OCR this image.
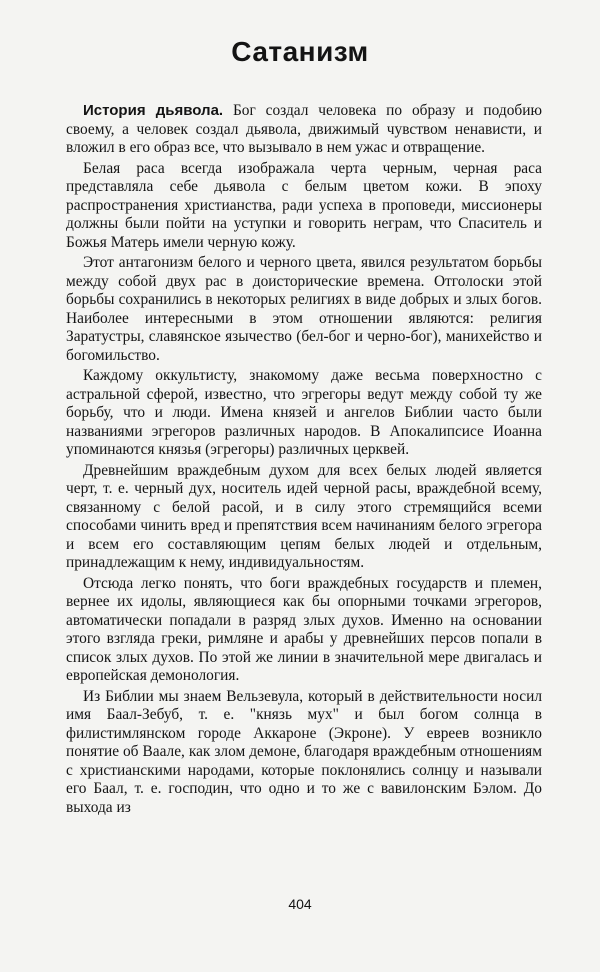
Сатанизм

История дьявола. Бог создал человека по образу и подобию своему, а человек создал дьявола, движимый чувством ненависти, и вложил в его образ все, что вызывало в нем ужас и отвращение.

Белая раса всегда изображала черта черным, черная раса представляла себе дьявола с белым цветом кожи. В эпоху распространения христианства, ради успеха в проповеди, миссионеры должны были пойти на уступки и говорить неграм, что Спаситель и Божья Матерь имели черную кожу.

Этот антагонизм белого и черного цвета, явился результатом борьбы между собой двух рас в доисторические времена. Отголоски этой борьбы сохранились в некоторых религиях в виде добрых и злых богов. Наиболее интересными в этом отношении являются: религия Заратустры, славянское язычество (бел-бог и черно-бог), манихейство и богомильство.

Каждому оккультисту, знакомому даже весьма поверхностно с астральной сферой, известно, что эгрегоры ведут между собой ту же борьбу, что и люди. Имена князей и ангелов Библии часто были названиями эгрегоров различных народов. В Апокалипсисе Иоанна упоминаются князья (эгрегоры) различных церквей.

Древнейшим враждебным духом для всех белых людей является черт, т. е. черный дух, носитель идей черной расы, враждебной всему, связанному с белой расой, и в силу этого стремящийся всеми способами чинить вред и препятствия всем начинаниям белого эгрегора и всем его составляющим цепям белых людей и отдельным, принадлежащим к нему, индивидуальностям.

Отсюда легко понять, что боги враждебных государств и племен, вернее их идолы, являющиеся как бы опорными точками эгрегоров, автоматически попадали в разряд злых духов. Именно на основании этого взгляда греки, римляне и арабы у древнейших персов попали в список злых духов. По этой же линии в значительной мере двигалась и европейская демонология.

Из Библии мы знаем Вельзевула, который в действительности носил имя Баал-Зебуб, т. е. "князь мух" и был богом солнца в филистимлянском городе Аккароне (Экроне). У евреев возникло понятие об Ваале, как злом демоне, благодаря враждебным отношениям с христианскими народами, которые поклонялись солнцу и называли его Баал, т. е. господин, что одно и то же с вавилонским Бэлом. До выхода из

404
